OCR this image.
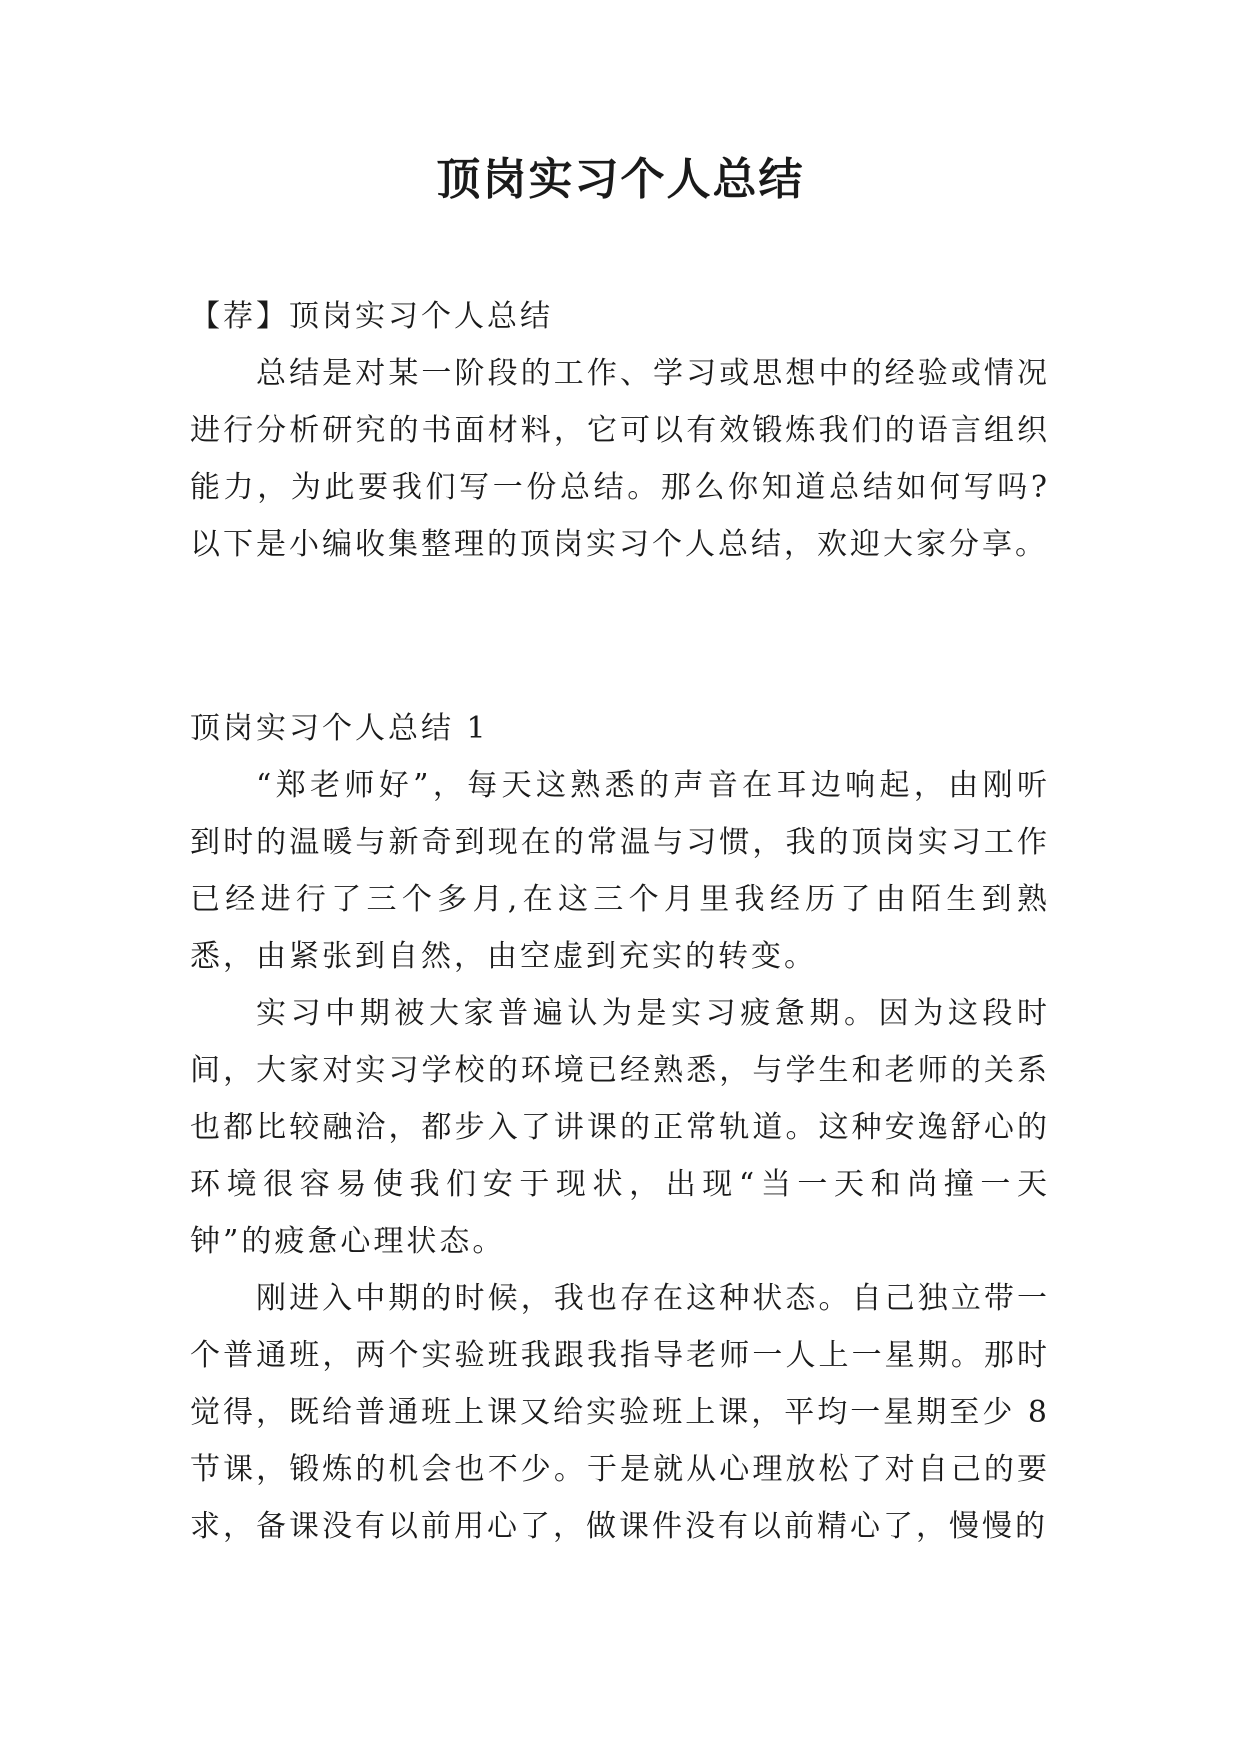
顶岗实习个人总结

【荐】顶岗实习个人总结

总结是对某一阶段的工作、学习或思想中的经验或情况进行分析研究的书面材料，它可以有效锻炼我们的语言组织能力，为此要我们写一份总结。那么你知道总结如何写吗?以下是小编收集整理的顶岗实习个人总结，欢迎大家分享。

顶岗实习个人总结 1

“郑老师好”，每天这熟悉的声音在耳边响起，由刚听到时的温暖与新奇到现在的常温与习惯，我的顶岗实习工作已经进行了三个多月,在这三个月里我经历了由陌生到熟悉，由紧张到自然，由空虚到充实的转变。

实习中期被大家普遍认为是实习疲惫期。因为这段时间，大家对实习学校的环境已经熟悉，与学生和老师的关系也都比较融洽，都步入了讲课的正常轨道。这种安逸舒心的环境很容易使我们安于现状，出现“当一天和尚撞一天钟”的疲惫心理状态。

刚进入中期的时候，我也存在这种状态。自己独立带一个普通班，两个实验班我跟我指导老师一人上一星期。那时觉得，既给普通班上课又给实验班上课，平均一星期至少 8 节课，锻炼的机会也不少。于是就从心理放松了对自己的要求，备课没有以前用心了，做课件没有以前精心了，慢慢的
